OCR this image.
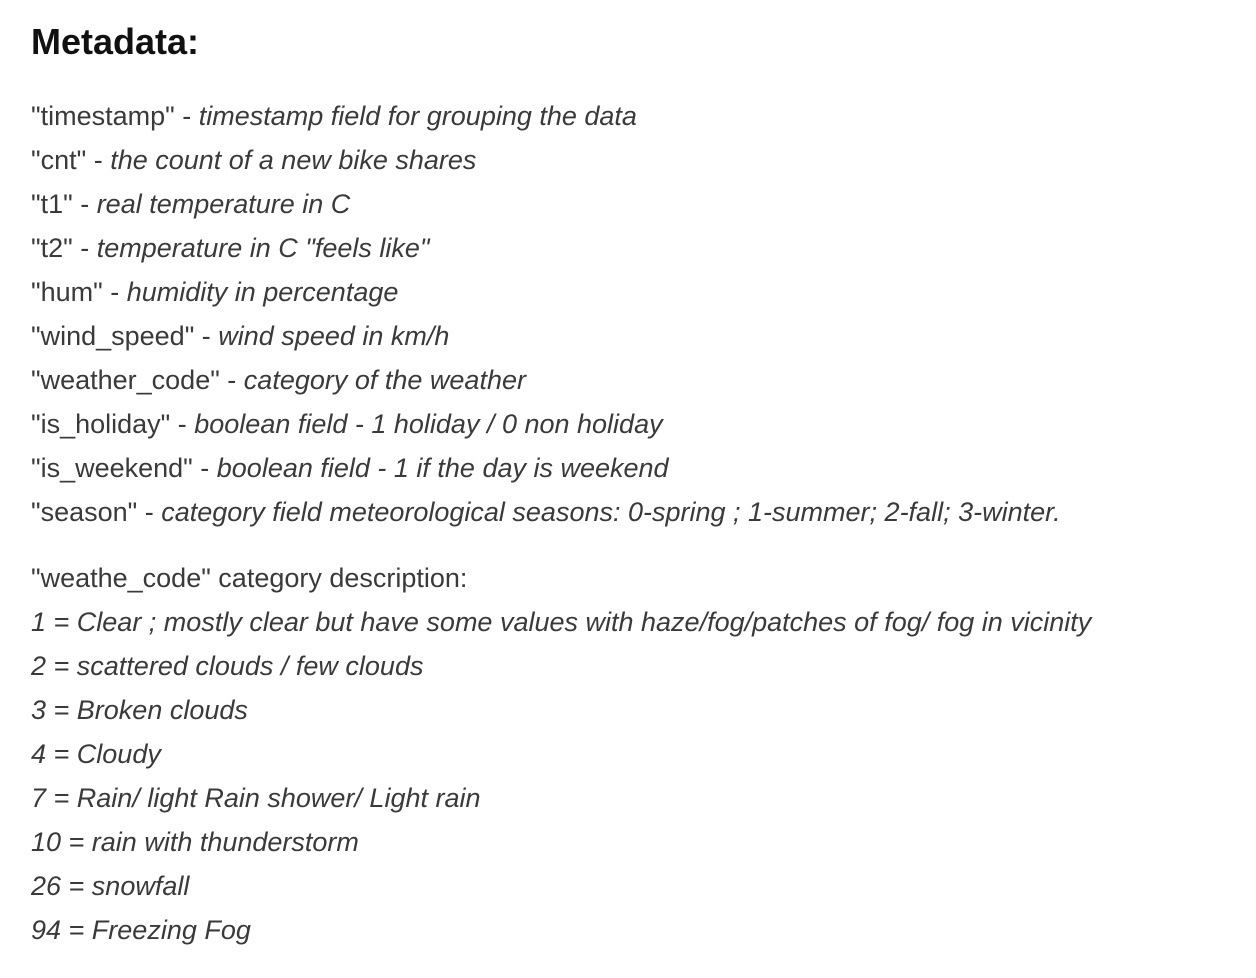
Metadata:
"timestamp" - timestamp field for grouping the data
"cnt" - the count of a new bike shares
"t1" - real temperature in C
"t2" - temperature in C "feels like"
"hum" - humidity in percentage
"wind_speed" - wind speed in km/h
"weather_code" - category of the weather
"is_holiday" - boolean field - 1 holiday / 0 non holiday
"is_weekend" - boolean field - 1 if the day is weekend
"season" - category field meteorological seasons: 0-spring ; 1-summer; 2-fall; 3-winter.

"weathe_code" category description:

1 = Clear ; mostly clear but have some values with haze/fog/patches of fog/ fog in vicinity
2 = scattered clouds / few clouds
3 = Broken clouds
4 = Cloudy
7 = Rain/ light Rain shower/ Light rain
10 = rain with thunderstorm
26 = snowfall
94 = Freezing Fog
